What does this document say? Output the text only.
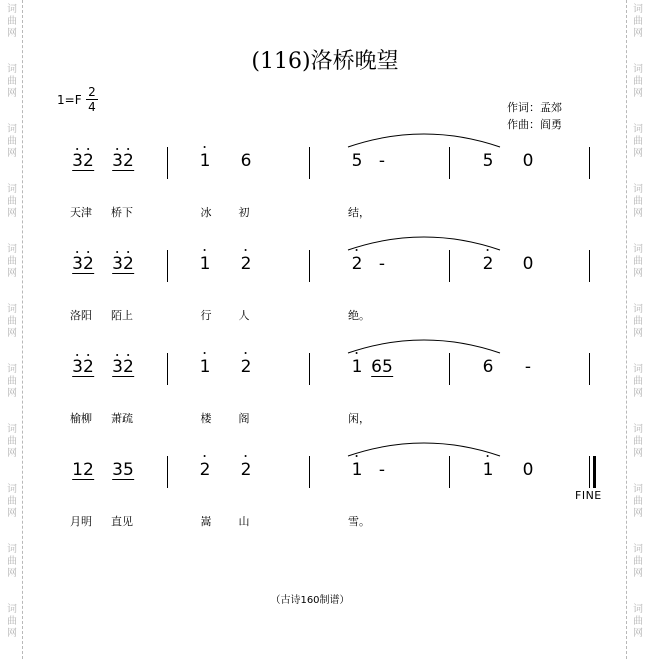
词
曲
网
词
曲
网
词
曲
网
词
曲
网
词
曲
网
词
曲
网
词
曲
网
词
曲
网
词
曲
网
词
曲
网
词
曲
网
词
曲
网
词
曲
网
词
曲
网
词
曲
网
词
曲
网
词
曲
网
词
曲
网
词
曲
网
词
曲
网
词
曲
网
词
曲
网
(116)洛桥晚望
1=F
2
4	作词：孟郊
作曲：阎勇
32 32	1 6	5 -	5 0
天津 桥下	冰 初	结，
32 32	1 2	2 -	2 0
洛阳 陌上	行 人	绝。
32 32	1 2	1 65	6 -
榆柳 萧疏	楼 阁	闲，
12 35	2 2	1 -	1 0
月明 直见	嵩 山	雪。
FINE
（古诗160制谱）
